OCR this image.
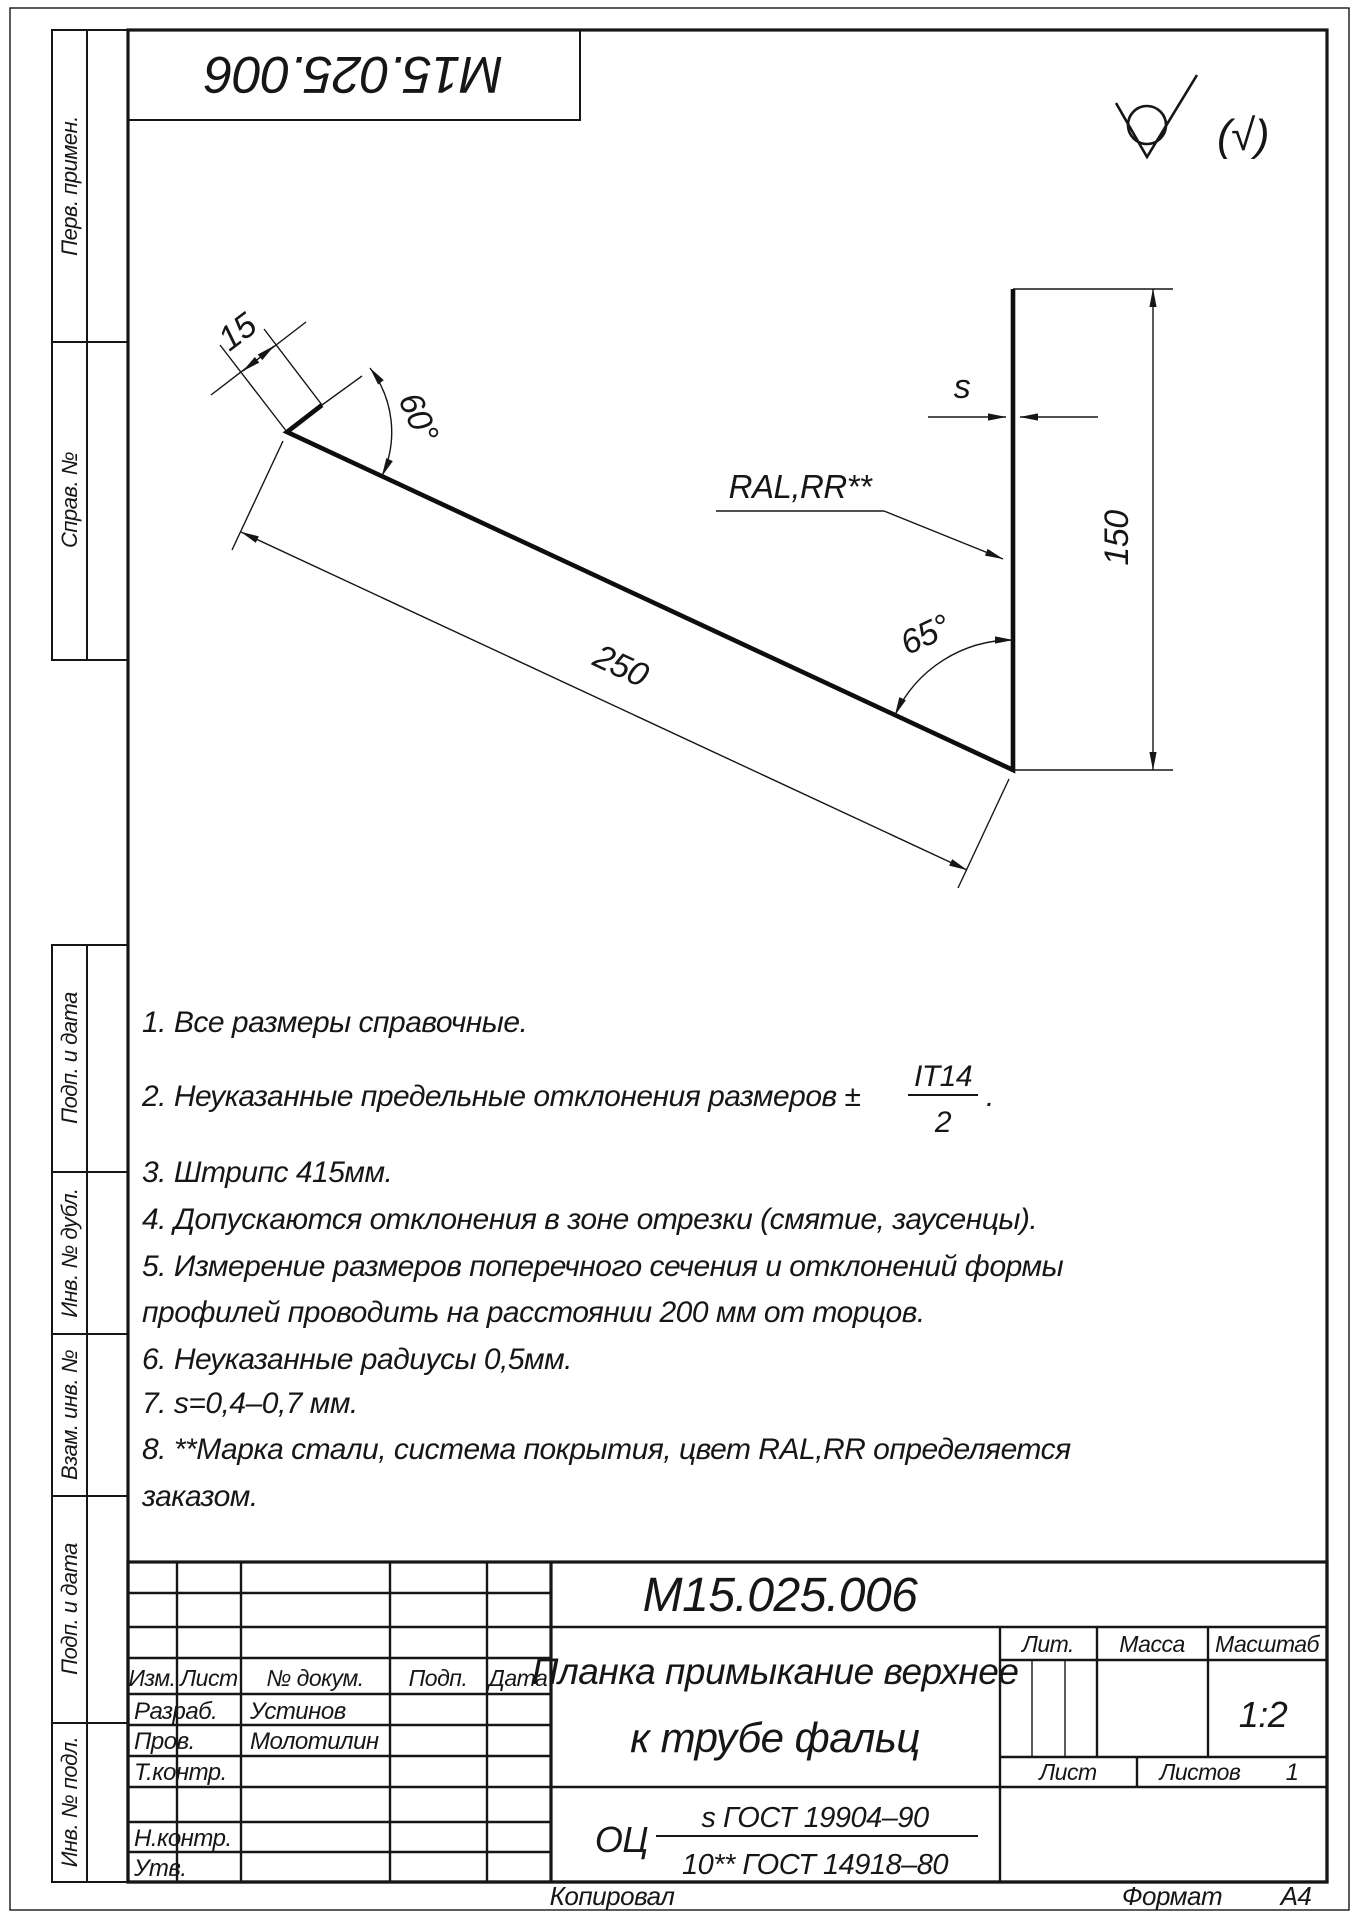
Перв. примен.
Справ. №
Подп. и дата
Инв. № дубл.
Взам. инв. №
Подп. и дата
Инв. № подл.
М15.025.006
(√)
15
60°
250
65°
150
s
RAL,RR**
1. Все размеры справочные.
2. Неуказанные предельные отклонения размеров ±
IT14
2
.
3. Штрипс 415мм.
4. Допускаются отклонения в зоне отрезки (смятие, заусенцы).
5. Измерение размеров поперечного сечения и отклонений формы
профилей проводить на расстоянии 200 мм от торцов.
6. Неуказанные радиусы 0,5мм.
7. s=0,4–0,7 мм.
8. **Марка стали, система покрытия, цвет RAL,RR определяется
заказом.
Изм. Лист № докум. Подп. Дата
Разраб. Устинов
Пров. Молотилин
Т.контр.
Н.контр.
Утв.
М15.025.006
Планка примыкание верхнее
к трубе фальц
ОЦ
s ГОСТ 19904–90
10** ГОСТ 14918–80
Лит. Масса Масштаб
1:2
Лист	Листов 1
Копировал	Формат А4
